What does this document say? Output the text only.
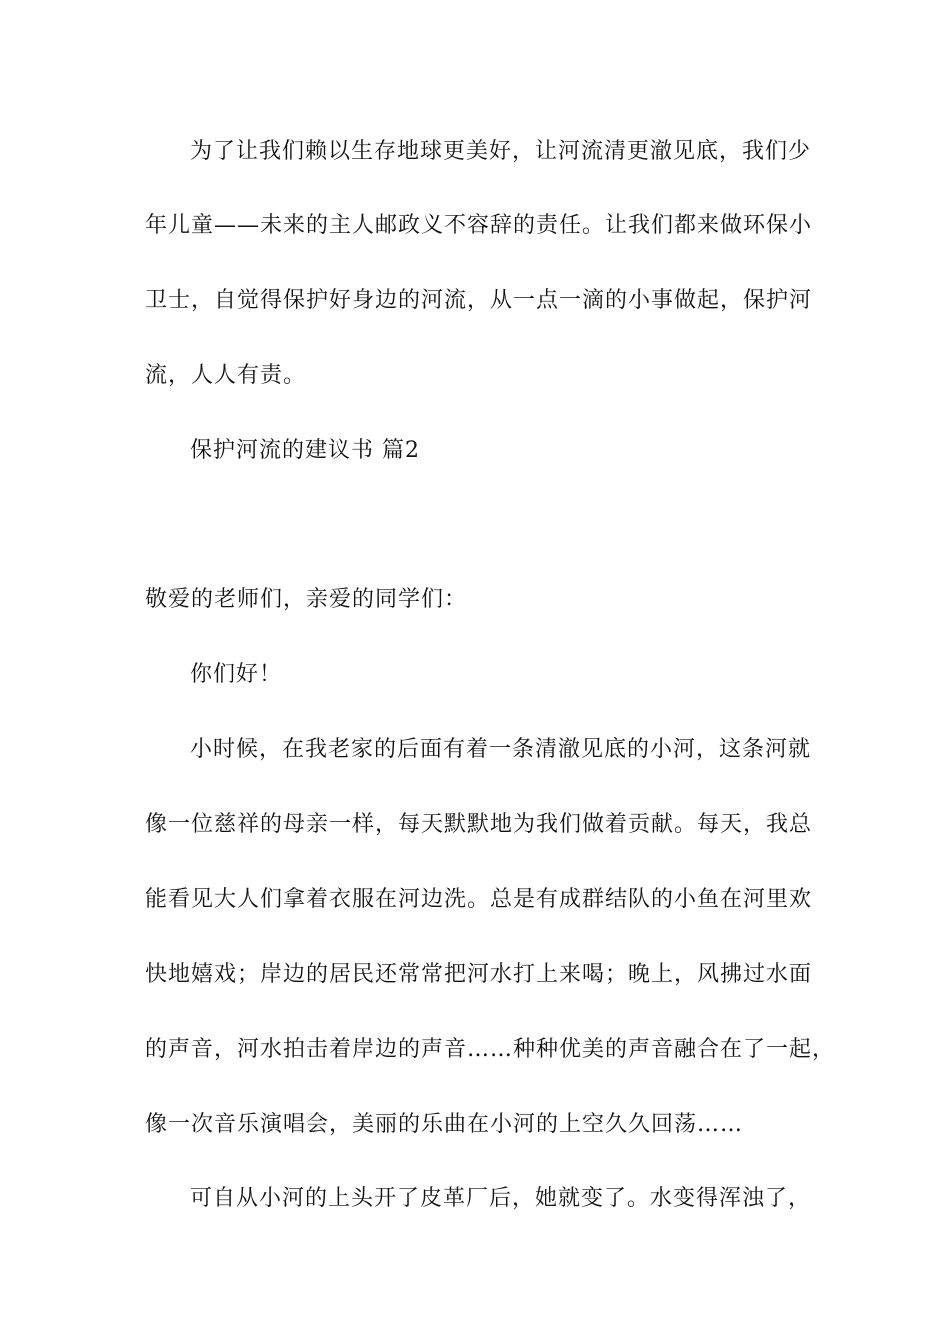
为了让我们赖以生存地球更美好，让河流清更澈见底，我们少
年儿童——未来的主人邮政义不容辞的责任。让我们都来做环保小
卫士，自觉得保护好身边的河流，从一点一滴的小事做起，保护河
流，人人有责。
保护河流的建议书 篇2
敬爱的老师们，亲爱的同学们：
你们好！
小时候，在我老家的后面有着一条清澈见底的小河，这条河就
像一位慈祥的母亲一样，每天默默地为我们做着贡献。每天，我总
能看见大人们拿着衣服在河边洗。总是有成群结队的小鱼在河里欢
快地嬉戏；岸边的居民还常常把河水打上来喝；晚上，风拂过水面
的声音，河水拍击着岸边的声音……种种优美的声音融合在了一起，
像一次音乐演唱会，美丽的乐曲在小河的上空久久回荡……
可自从小河的上头开了皮革厂后，她就变了。水变得浑浊了，
